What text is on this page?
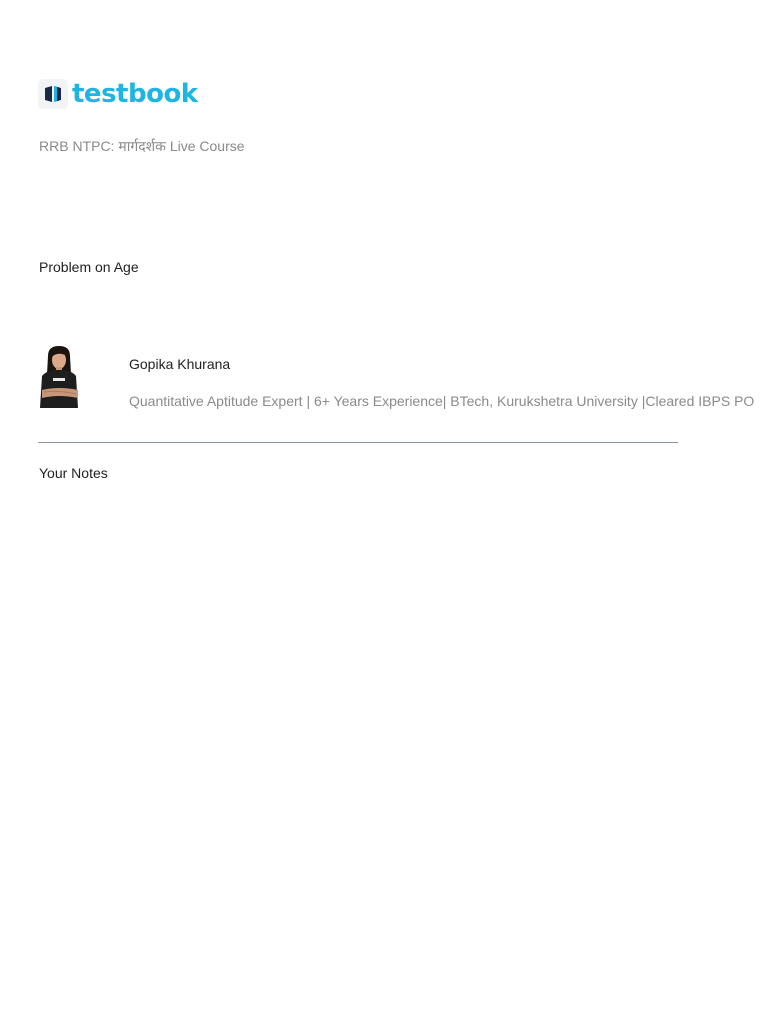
testbook
RRB NTPC: मार्गदर्शक Live Course
Problem on Age
Gopika Khurana
Quantitative Aptitude Expert | 6+ Years Experience| BTech, Kurukshetra University |Cleared IBPS PO
Your Notes
